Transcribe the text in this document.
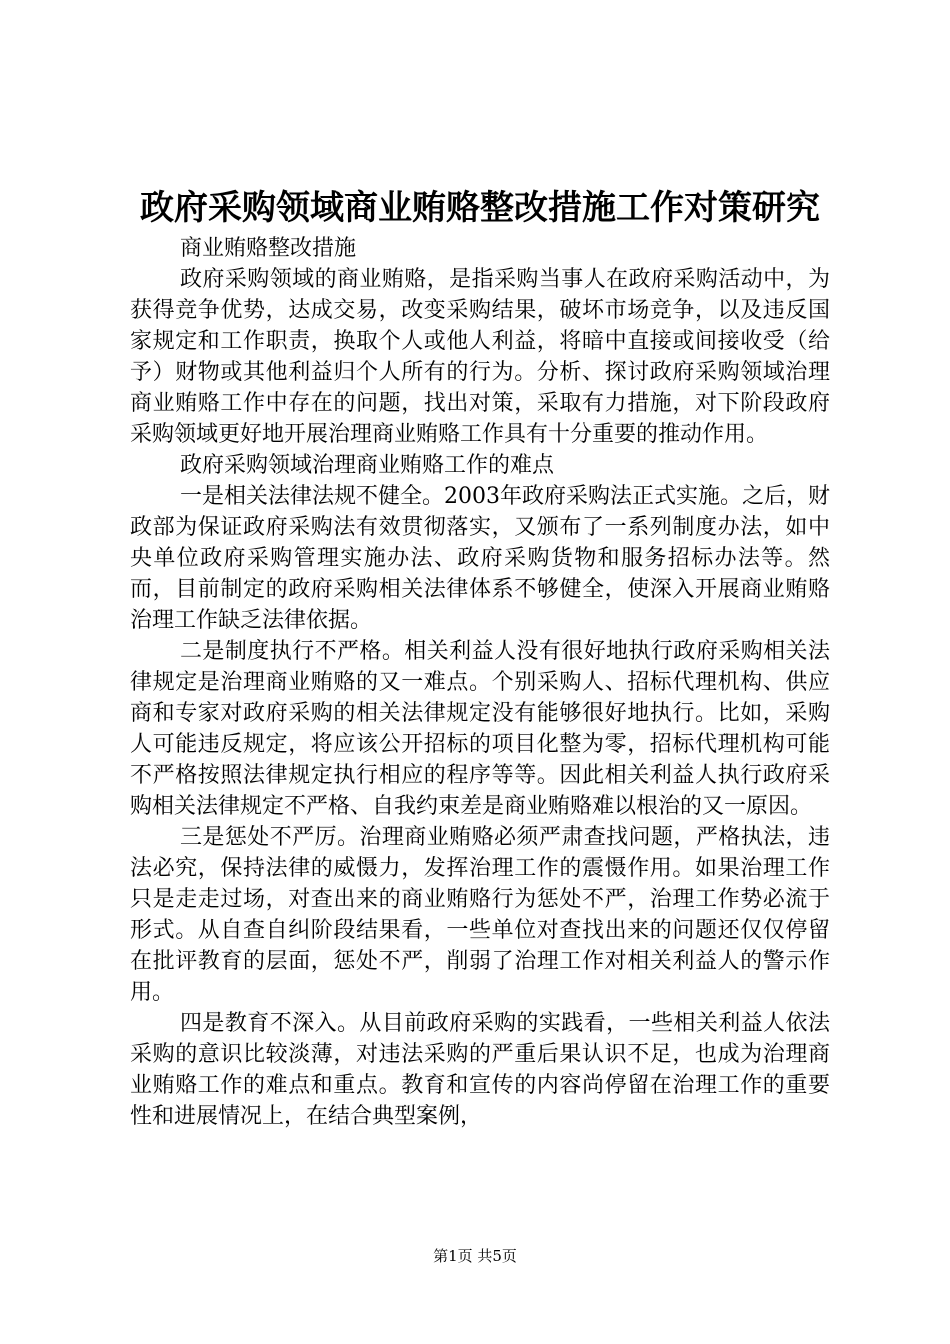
政府采购领域商业贿赂整改措施工作对策研究

商业贿赂整改措施

政府采购领域的商业贿赂，是指采购当事人在政府采购活动中，为获得竞争优势，达成交易，改变采购结果，破坏市场竞争，以及违反国家规定和工作职责，换取个人或他人利益，将暗中直接或间接收受（给予）财物或其他利益归个人所有的行为。分析、探讨政府采购领域治理商业贿赂工作中存在的问题，找出对策，采取有力措施，对下阶段政府采购领域更好地开展治理商业贿赂工作具有十分重要的推动作用。

政府采购领域治理商业贿赂工作的难点

一是相关法律法规不健全。2003年政府采购法正式实施。之后，财政部为保证政府采购法有效贯彻落实，又颁布了一系列制度办法，如中央单位政府采购管理实施办法、政府采购货物和服务招标办法等。然而，目前制定的政府采购相关法律体系不够健全，使深入开展商业贿赂治理工作缺乏法律依据。

二是制度执行不严格。相关利益人没有很好地执行政府采购相关法律规定是治理商业贿赂的又一难点。个别采购人、招标代理机构、供应商和专家对政府采购的相关法律规定没有能够很好地执行。比如，采购人可能违反规定，将应该公开招标的项目化整为零，招标代理机构可能不严格按照法律规定执行相应的程序等等。因此相关利益人执行政府采购相关法律规定不严格、自我约束差是商业贿赂难以根治的又一原因。

三是惩处不严厉。治理商业贿赂必须严肃查找问题，严格执法，违法必究，保持法律的威慑力，发挥治理工作的震慑作用。如果治理工作只是走走过场，对查出来的商业贿赂行为惩处不严，治理工作势必流于形式。从自查自纠阶段结果看，一些单位对查找出来的问题还仅仅停留在批评教育的层面，惩处不严，削弱了治理工作对相关利益人的警示作用。

四是教育不深入。从目前政府采购的实践看，一些相关利益人依法采购的意识比较淡薄，对违法采购的严重后果认识不足，也成为治理商业贿赂工作的难点和重点。教育和宣传的内容尚停留在治理工作的重要性和进展情况上，在结合典型案例，

第1页 共5页
